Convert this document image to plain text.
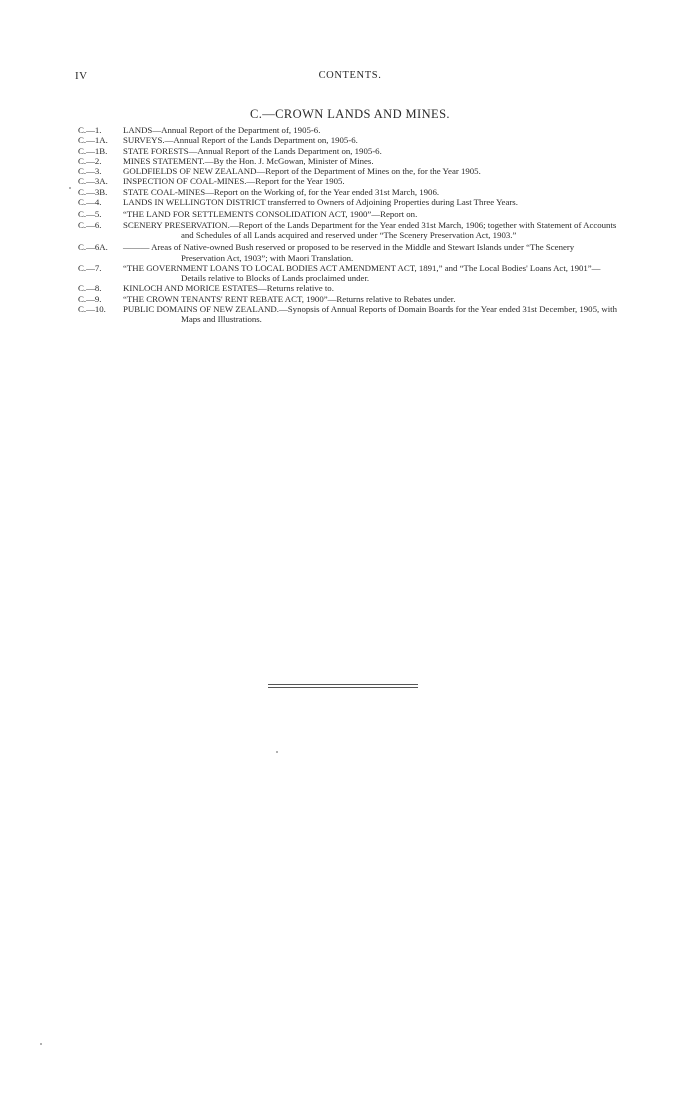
IV	CONTENTS.
C.—CROWN LANDS AND MINES.
C.—1.	LANDS—Annual Report of the Department of, 1905-6.
C.—1A.	SURVEYS.—Annual Report of the Lands Department on, 1905-6.
C.—1B.	STATE FORESTS—Annual Report of the Lands Department on, 1905-6.
C.—2.	MINES STATEMENT.—By the Hon. J. McGowan, Minister of Mines.
C.—3.	GOLDFIELDS OF NEW ZEALAND—Report of the Department of Mines on the, for the Year 1905.
C.—3A.	INSPECTION OF COAL-MINES.—Report for the Year 1905.
C.—3B.	STATE COAL-MINES—Report on the Working of, for the Year ended 31st March, 1906.
C.—4.	LANDS IN WELLINGTON DISTRICT transferred to Owners of Adjoining Properties during Last Three Years.
C.—5.	“THE LAND FOR SETTLEMENTS CONSOLIDATION ACT, 1900”—Report on.
C.—6.	SCENERY PRESERVATION.—Report of the Lands Department for the Year ended 31st March, 1906; together with Statement of Accounts and Schedules of all Lands acquired and reserved under “The Scenery Preservation Act, 1903.”
C.—6A.	——— Areas of Native-owned Bush reserved or proposed to be reserved in the Middle and Stewart Islands under “The Scenery Preservation Act, 1903”; with Maori Translation.
C.—7.	“THE GOVERNMENT LOANS TO LOCAL BODIES ACT AMENDMENT ACT, 1891,” and “The Local Bodies' Loans Act, 1901”—Details relative to Blocks of Lands proclaimed under.
C.—8.	KINLOCH AND MORICE ESTATES—Returns relative to.
C.—9.	“THE CROWN TENANTS' RENT REBATE ACT, 1900”—Returns relative to Rebates under.
C.—10.	PUBLIC DOMAINS OF NEW ZEALAND.—Synopsis of Annual Reports of Domain Boards for the Year ended 31st December, 1905, with Maps and Illustrations.
